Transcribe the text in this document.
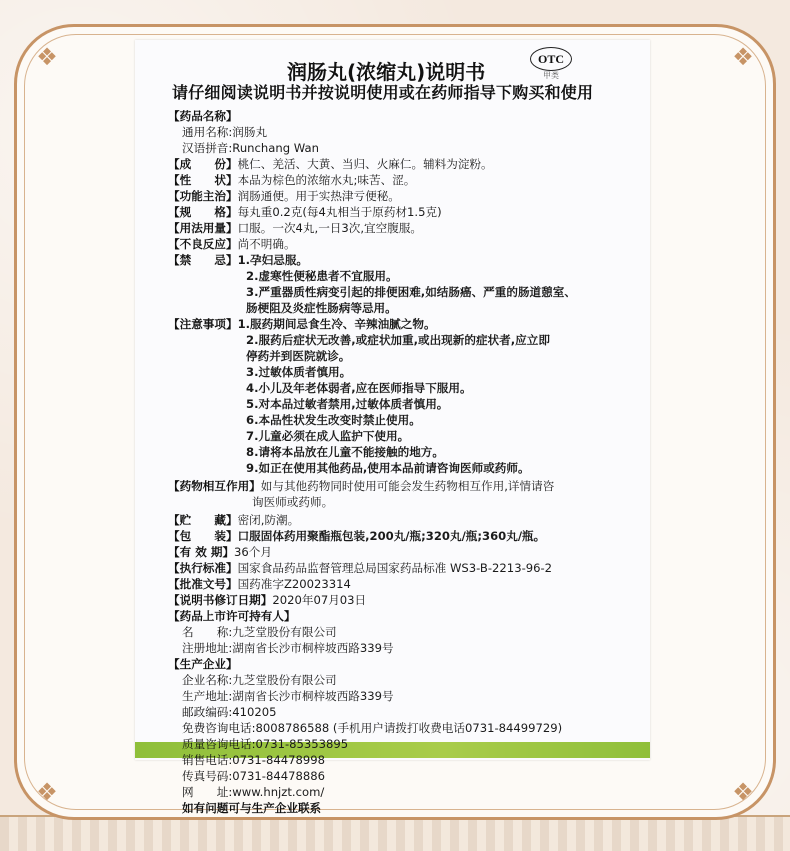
❖	❖
❖	❖
润肠丸(浓缩丸)说明书
OTC
甲类
请仔细阅读说明书并按说明使用或在药师指导下购买和使用
【药品名称】
通用名称:润肠丸
汉语拼音:Runchang Wan
【成　　份】桃仁、羌活、大黄、当归、火麻仁。辅料为淀粉。
【性　　状】本品为棕色的浓缩水丸;味苦、涩。
【功能主治】润肠通便。用于实热津亏便秘。
【规　　格】每丸重0.2克(每4丸相当于原药材1.5克)
【用法用量】口服。一次4丸,一日3次,宜空腹服。
【不良反应】尚不明确。
【禁　　忌】1.孕妇忌服。
2.虚寒性便秘患者不宜服用。
3.严重器质性病变引起的排便困难,如结肠癌、严重的肠道憩室、
肠梗阻及炎症性肠病等忌用。
【注意事项】1.服药期间忌食生冷、辛辣油腻之物。
2.服药后症状无改善,或症状加重,或出现新的症状者,应立即
停药并到医院就诊。
3.过敏体质者慎用。
4.小儿及年老体弱者,应在医师指导下服用。
5.对本品过敏者禁用,过敏体质者慎用。
6.本品性状发生改变时禁止使用。
7.儿童必须在成人监护下使用。
8.请将本品放在儿童不能接触的地方。
9.如正在使用其他药品,使用本品前请咨询医师或药师。
【药物相互作用】如与其他药物同时使用可能会发生药物相互作用,详情请咨
询医师或药师。
【贮　　藏】密闭,防潮。
【包　　装】口服固体药用聚酯瓶包装,200丸/瓶;320丸/瓶;360丸/瓶。
【有 效 期】36个月
【执行标准】国家食品药品监督管理总局国家药品标准 WS3-B-2213-96-2
【批准文号】国药准字Z20023314
【说明书修订日期】2020年07月03日
【药品上市许可持有人】
名　　称:九芝堂股份有限公司
注册地址:湖南省长沙市桐梓坡西路339号
【生产企业】
企业名称:九芝堂股份有限公司
生产地址:湖南省长沙市桐梓坡西路339号
邮政编码:410205
免费咨询电话:8008786588 (手机用户请拨打收费电话0731-84499729)
质量咨询电话:0731-85353895
销售电话:0731-84478998
传真号码:0731-84478886
网　　址:www.hnjzt.com/
如有问题可与生产企业联系
